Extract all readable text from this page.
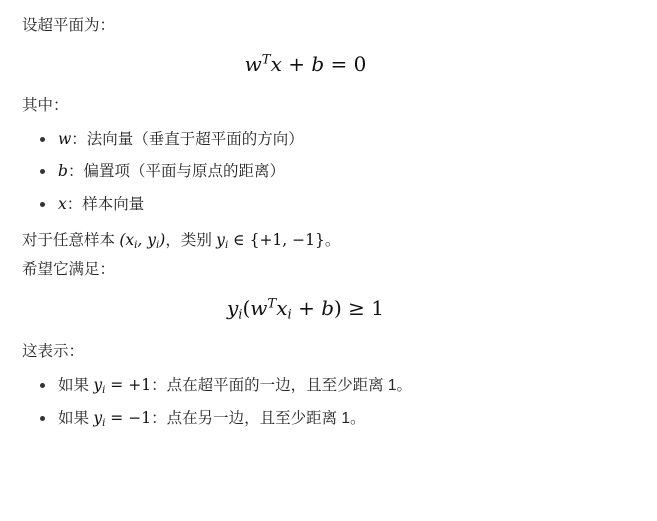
设超平面为：

$w^Tx + b = 0$

其中：

w：法向量（垂直于超平面的方向）
b：偏置项（平面与原点的距离）
x：样本向量

对于任意样本 ($x_i$, $y_i$)，类别 $y_i$ ∈ {+1, −1}。

希望它满足：

$y_i(w^Tx_i + b) \ge 1$

这表示：

如果 $y_i = +1$：点在超平面的一边，且至少距离 1。
如果 $y_i = -1$：点在另一边，且至少距离 1。
